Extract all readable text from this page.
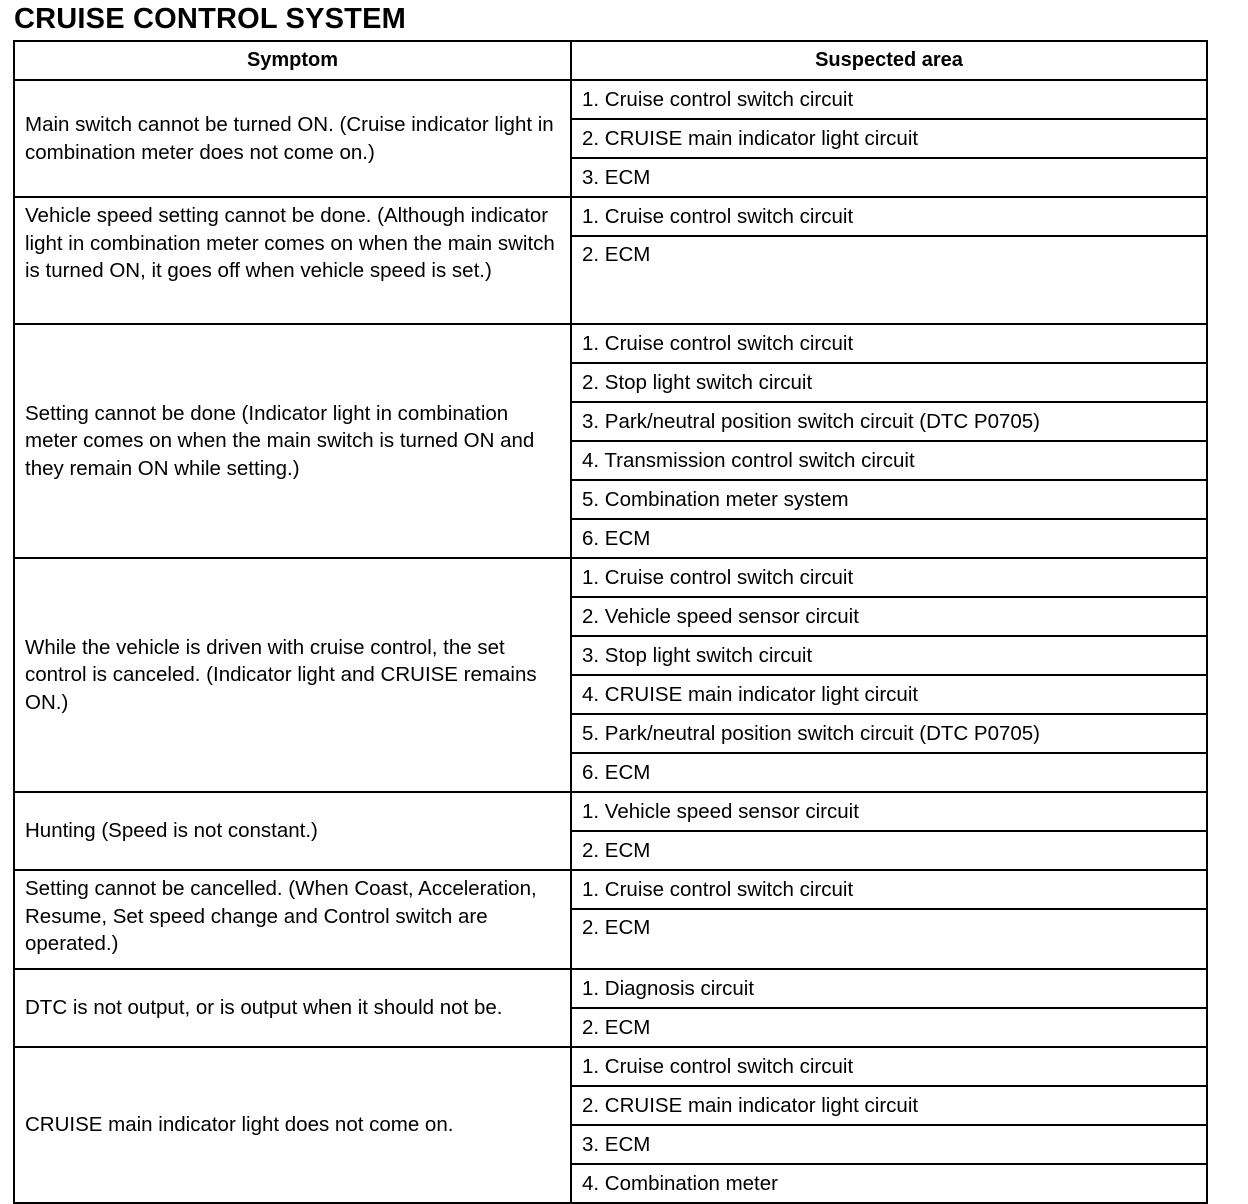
CRUISE CONTROL SYSTEM
Symptom	Suspected area
Main switch cannot be turned ON. (Cruise indicator light in combination meter does not come on.)	1. Cruise control switch circuit
	2. CRUISE main indicator light circuit
	3. ECM
Vehicle speed setting cannot be done. (Although indicator light in combination meter comes on when the main switch is turned ON, it goes off when vehicle speed is set.)	1. Cruise control switch circuit
	2. ECM
Setting cannot be done (Indicator light in combination meter comes on when the main switch is turned ON and they remain ON while setting.)	1. Cruise control switch circuit
	2. Stop light switch circuit
	3. Park/neutral position switch circuit (DTC P0705)
	4. Transmission control switch circuit
	5. Combination meter system
	6. ECM
While the vehicle is driven with cruise control, the set control is canceled. (Indicator light and CRUISE remains ON.)	1. Cruise control switch circuit
	2. Vehicle speed sensor circuit
	3. Stop light switch circuit
	4. CRUISE main indicator light circuit
	5. Park/neutral position switch circuit (DTC P0705)
	6. ECM
Hunting (Speed is not constant.)	1. Vehicle speed sensor circuit
	2. ECM
Setting cannot be cancelled. (When Coast, Acceleration, Resume, Set speed change and Control switch are operated.)	1. Cruise control switch circuit
	2. ECM
DTC is not output, or is output when it should not be.	1. Diagnosis circuit
	2. ECM
CRUISE main indicator light does not come on.	1. Cruise control switch circuit
	2. CRUISE main indicator light circuit
	3. ECM
	4. Combination meter
